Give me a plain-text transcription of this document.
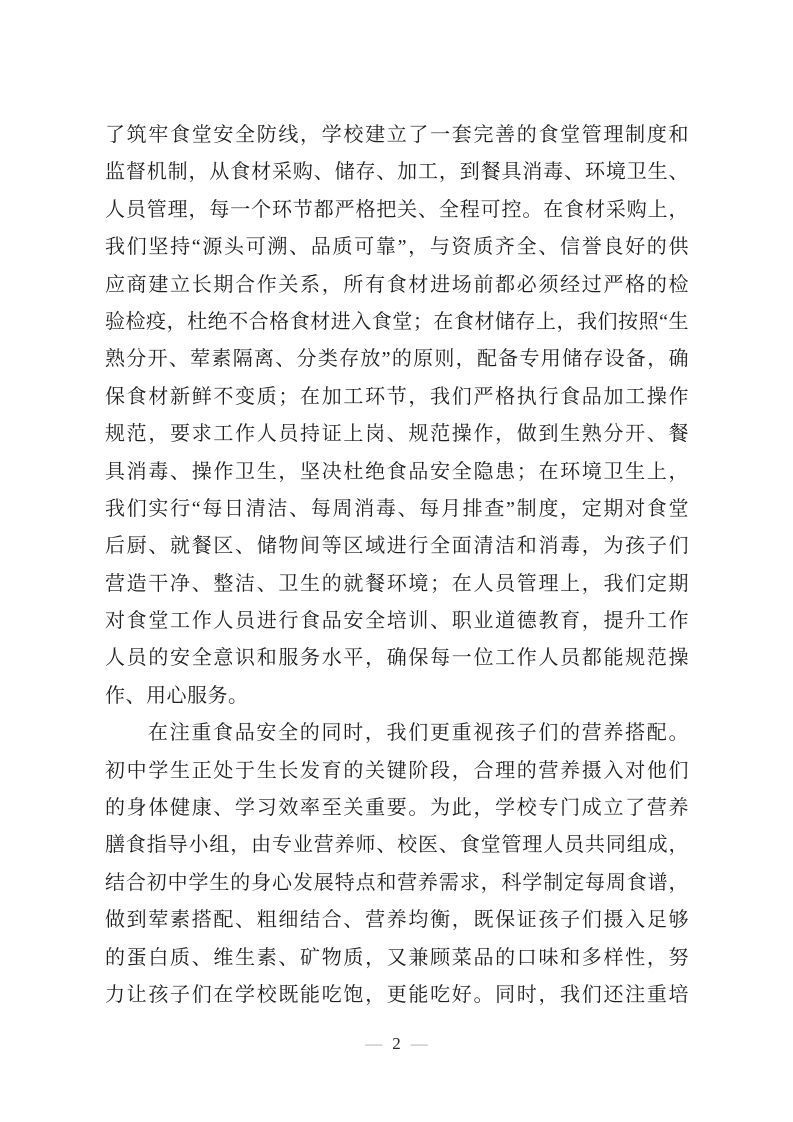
了筑牢食堂安全防线，学校建立了一套完善的食堂管理制度和
监督机制，从食材采购、储存、加工，到餐具消毒、环境卫生、
人员管理，每一个环节都严格把关、全程可控。在食材采购上，
我们坚持“源头可溯、品质可靠”，与资质齐全、信誉良好的供
应商建立长期合作关系，所有食材进场前都必须经过严格的检
验检疫，杜绝不合格食材进入食堂；在食材储存上，我们按照“生
熟分开、荤素隔离、分类存放”的原则，配备专用储存设备，确
保食材新鲜不变质；在加工环节，我们严格执行食品加工操作
规范，要求工作人员持证上岗、规范操作，做到生熟分开、餐
具消毒、操作卫生，坚决杜绝食品安全隐患；在环境卫生上，
我们实行“每日清洁、每周消毒、每月排查”制度，定期对食堂
后厨、就餐区、储物间等区域进行全面清洁和消毒，为孩子们
营造干净、整洁、卫生的就餐环境；在人员管理上，我们定期
对食堂工作人员进行食品安全培训、职业道德教育，提升工作
人员的安全意识和服务水平，确保每一位工作人员都能规范操
作、用心服务。
在注重食品安全的同时，我们更重视孩子们的营养搭配。
初中学生正处于生长发育的关键阶段，合理的营养摄入对他们
的身体健康、学习效率至关重要。为此，学校专门成立了营养
膳食指导小组，由专业营养师、校医、食堂管理人员共同组成，
结合初中学生的身心发展特点和营养需求，科学制定每周食谱，
做到荤素搭配、粗细结合、营养均衡，既保证孩子们摄入足够
的蛋白质、维生素、矿物质，又兼顾菜品的口味和多样性，努
力让孩子们在学校既能吃饱，更能吃好。同时，我们还注重培
— 2 —
